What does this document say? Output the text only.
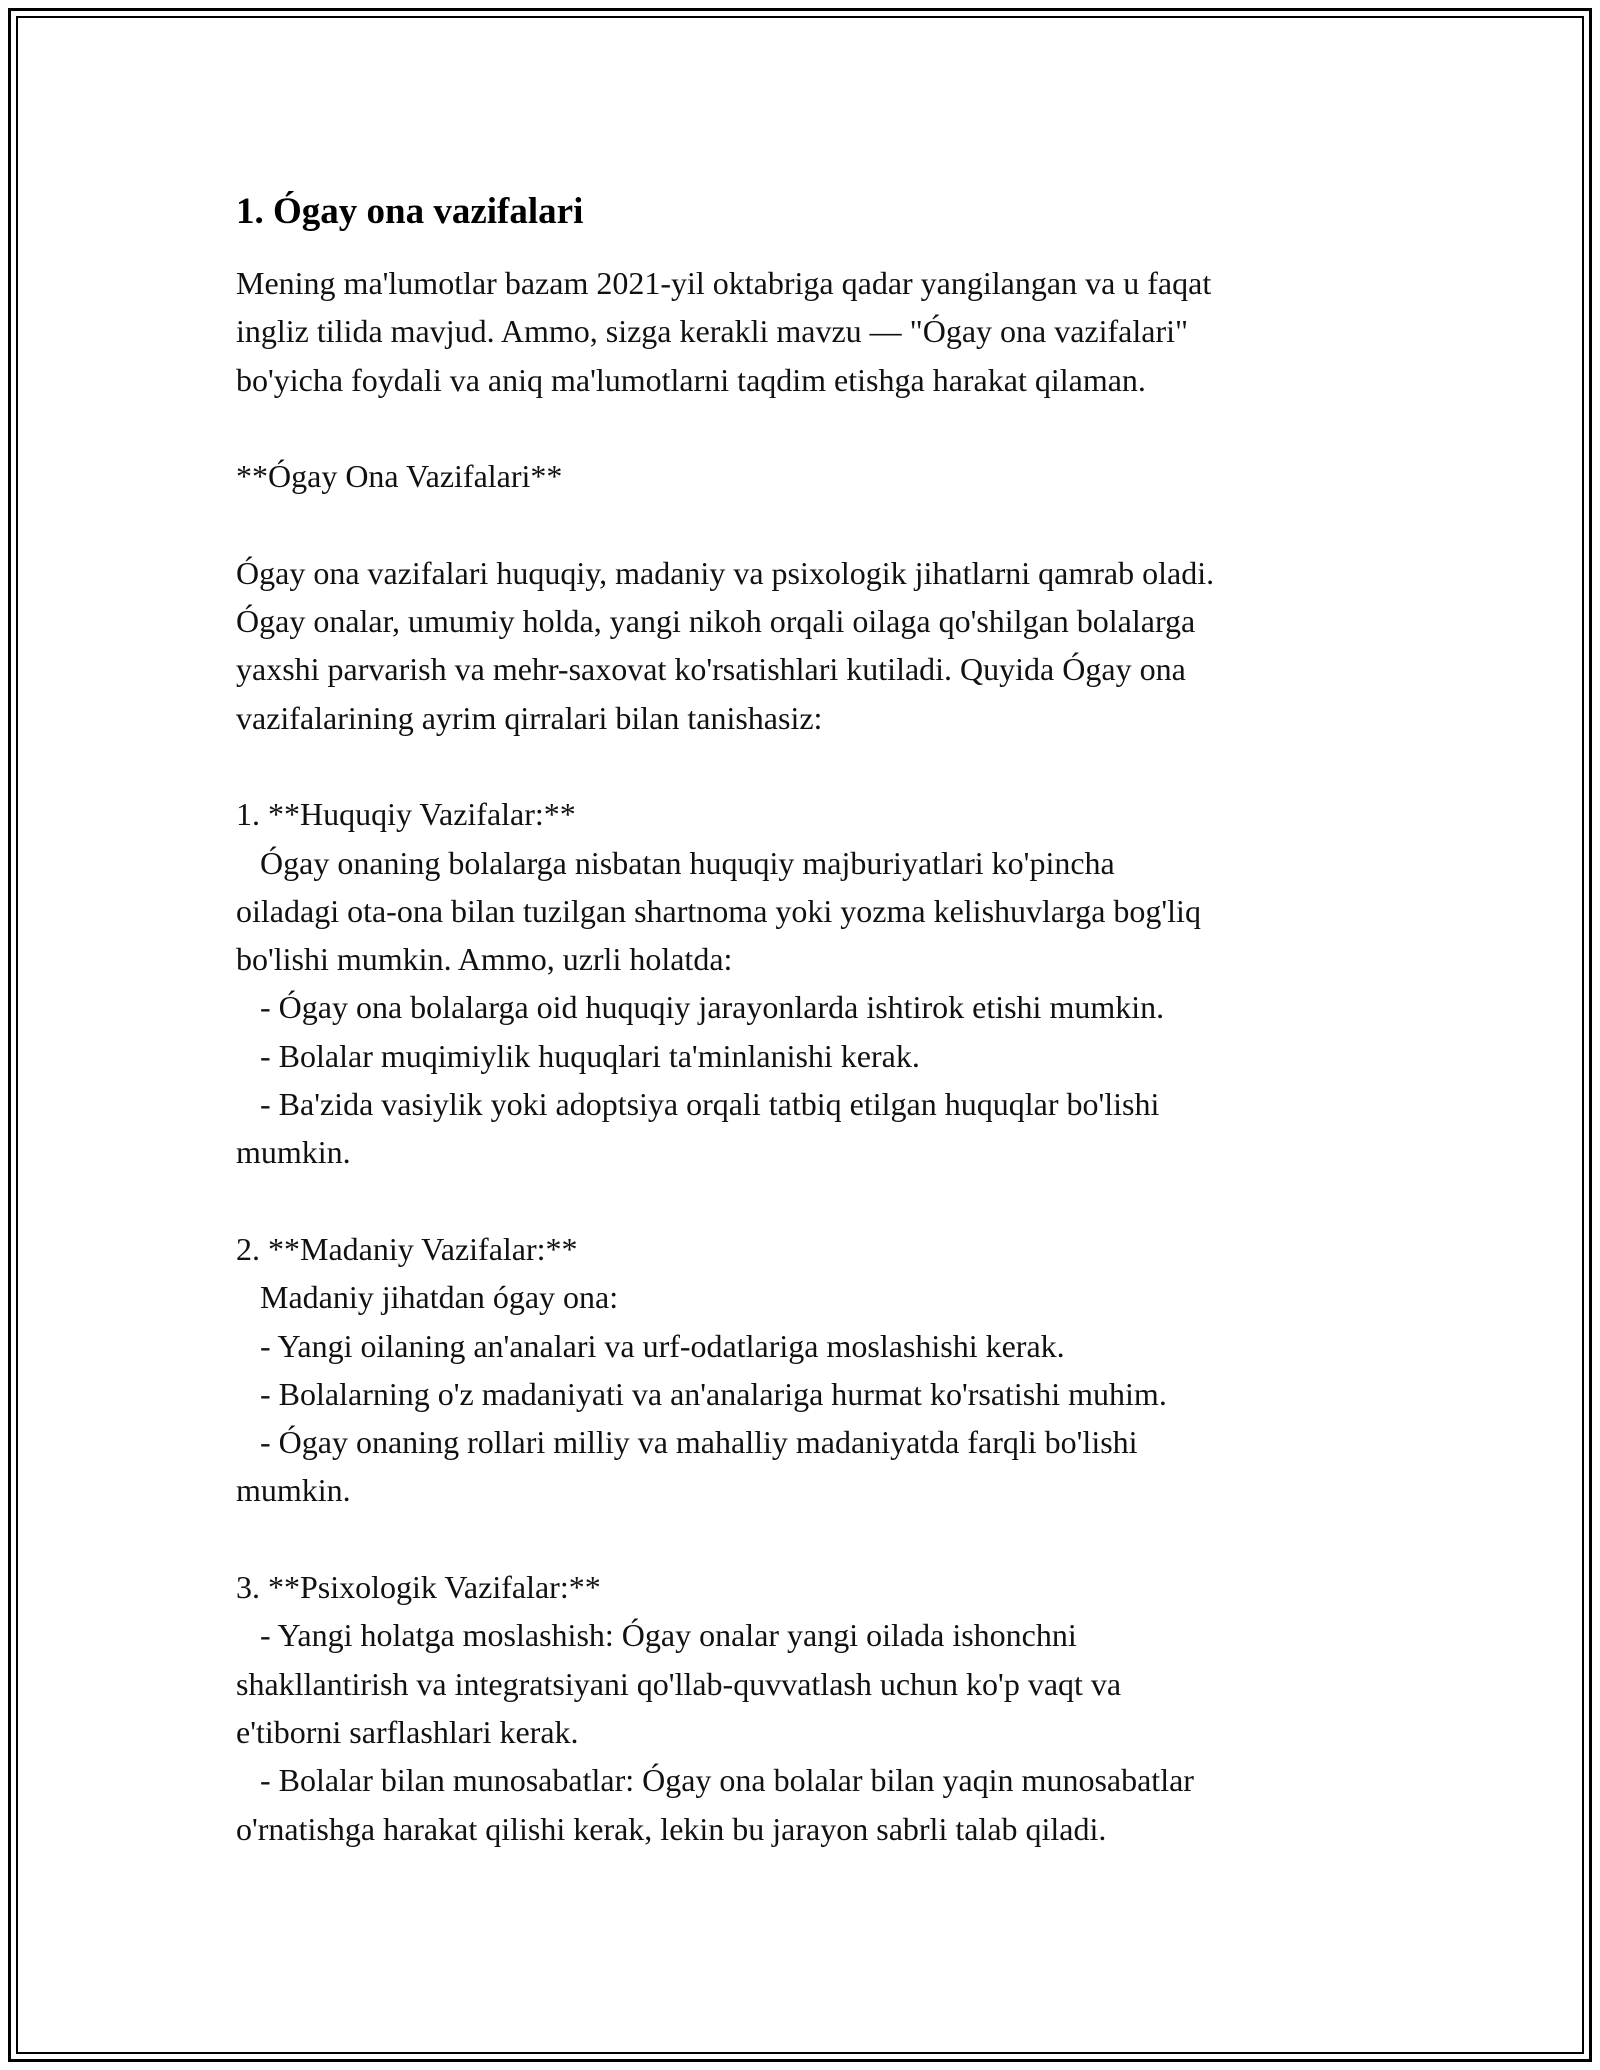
1. Ógay ona vazifalari

Mening ma'lumotlar bazam 2021-yil oktabriga qadar yangilangan va u faqat
ingliz tilida mavjud. Ammo, sizga kerakli mavzu — "Ógay ona vazifalari"
bo'yicha foydali va aniq ma'lumotlarni taqdim etishga harakat qilaman.

**Ógay Ona Vazifalari**

Ógay ona vazifalari huquqiy, madaniy va psixologik jihatlarni qamrab oladi.
Ógay onalar, umumiy holda, yangi nikoh orqali oilaga qo'shilgan bolalarga
yaxshi parvarish va mehr-saxovat ko'rsatishlari kutiladi. Quyida Ógay ona
vazifalarining ayrim qirralari bilan tanishasiz:

1. **Huquqiy Vazifalar:**
Ógay onaning bolalarga nisbatan huquqiy majburiyatlari ko'pincha
oiladagi ota-ona bilan tuzilgan shartnoma yoki yozma kelishuvlarga bog'liq
bo'lishi mumkin. Ammo, uzrli holatda:
- Ógay ona bolalarga oid huquqiy jarayonlarda ishtirok etishi mumkin.
- Bolalar muqimiylik huquqlari ta'minlanishi kerak.
- Ba'zida vasiylik yoki adoptsiya orqali tatbiq etilgan huquqlar bo'lishi
mumkin.

2. **Madaniy Vazifalar:**
Madaniy jihatdan ógay ona:
- Yangi oilaning an'analari va urf-odatlariga moslashishi kerak.
- Bolalarning o'z madaniyati va an'analariga hurmat ko'rsatishi muhim.
- Ógay onaning rollari milliy va mahalliy madaniyatda farqli bo'lishi
mumkin.

3. **Psixologik Vazifalar:**
- Yangi holatga moslashish: Ógay onalar yangi oilada ishonchni
shakllantirish va integratsiyani qo'llab-quvvatlash uchun ko'p vaqt va
e'tiborni sarflashlari kerak.
- Bolalar bilan munosabatlar: Ógay ona bolalar bilan yaqin munosabatlar
o'rnatishga harakat qilishi kerak, lekin bu jarayon sabrli talab qiladi.
